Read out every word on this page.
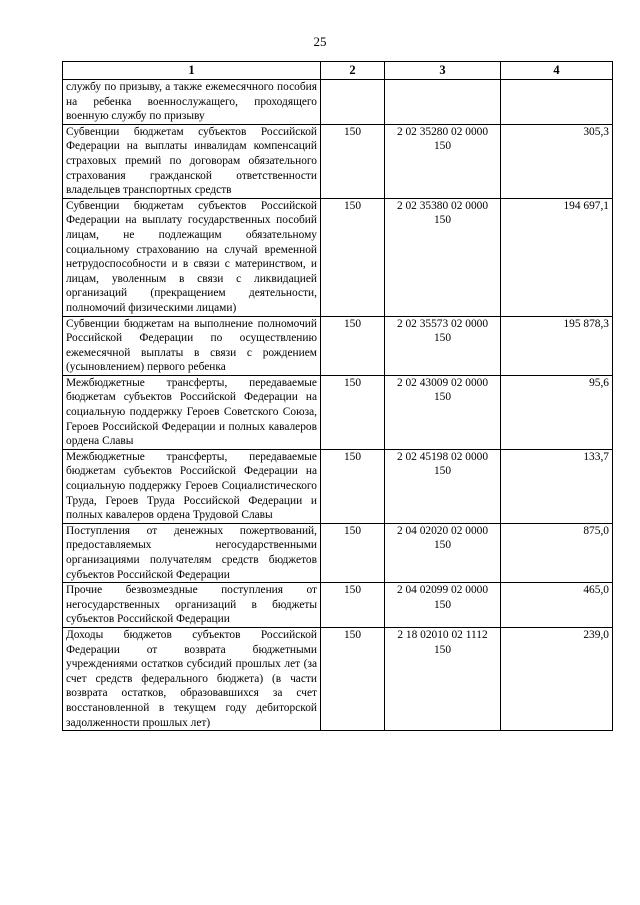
25
1	2	3	4
службу по призыву, а также ежемесячного пособия на ребенка военнослужащего, проходящего военную службу по призыву			
Субвенции бюджетам субъектов Российской Федерации на выплаты инвалидам компенсаций страховых премий по договорам обязательного страхования гражданской ответственности владельцев транспортных средств	150	2 02 35280 02 0000 150	305,3
Субвенции бюджетам субъектов Российской Федерации на выплату государственных пособий лицам, не подлежащим обязательному социальному страхованию на случай временной нетрудоспособности и в связи с материнством, и лицам, уволенным в связи с ликвидацией организаций (прекращением деятельности, полномочий физическими лицами)	150	2 02 35380 02 0000 150	194 697,1
Субвенции бюджетам на выполнение полномочий Российской Федерации по осуществлению ежемесячной выплаты в связи с рождением (усыновлением) первого ребенка	150	2 02 35573 02 0000 150	195 878,3
Межбюджетные трансферты, передаваемые бюджетам субъектов Российской Федерации на социальную поддержку Героев Советского Союза, Героев Российской Федерации и полных кавалеров ордена Славы	150	2 02 43009 02 0000 150	95,6
Межбюджетные трансферты, передаваемые бюджетам субъектов Российской Федерации на социальную поддержку Героев Социалистического Труда, Героев Труда Российской Федерации и полных кавалеров ордена Трудовой Славы	150	2 02 45198 02 0000 150	133,7
Поступления от денежных пожертвований, предоставляемых негосударственными организациями получателям средств бюджетов субъектов Российской Федерации	150	2 04 02020 02 0000 150	875,0
Прочие безвозмездные поступления от негосударственных организаций в бюджеты субъектов Российской Федерации	150	2 04 02099 02 0000 150	465,0
Доходы бюджетов субъектов Российской Федерации от возврата бюджетными учреждениями остатков субсидий прошлых лет (за счет средств федерального бюджета) (в части возврата остатков, образовавшихся за счет восстановленной в текущем году дебиторской задолженности прошлых лет)	150	2 18 02010 02 1112 150	239,0
